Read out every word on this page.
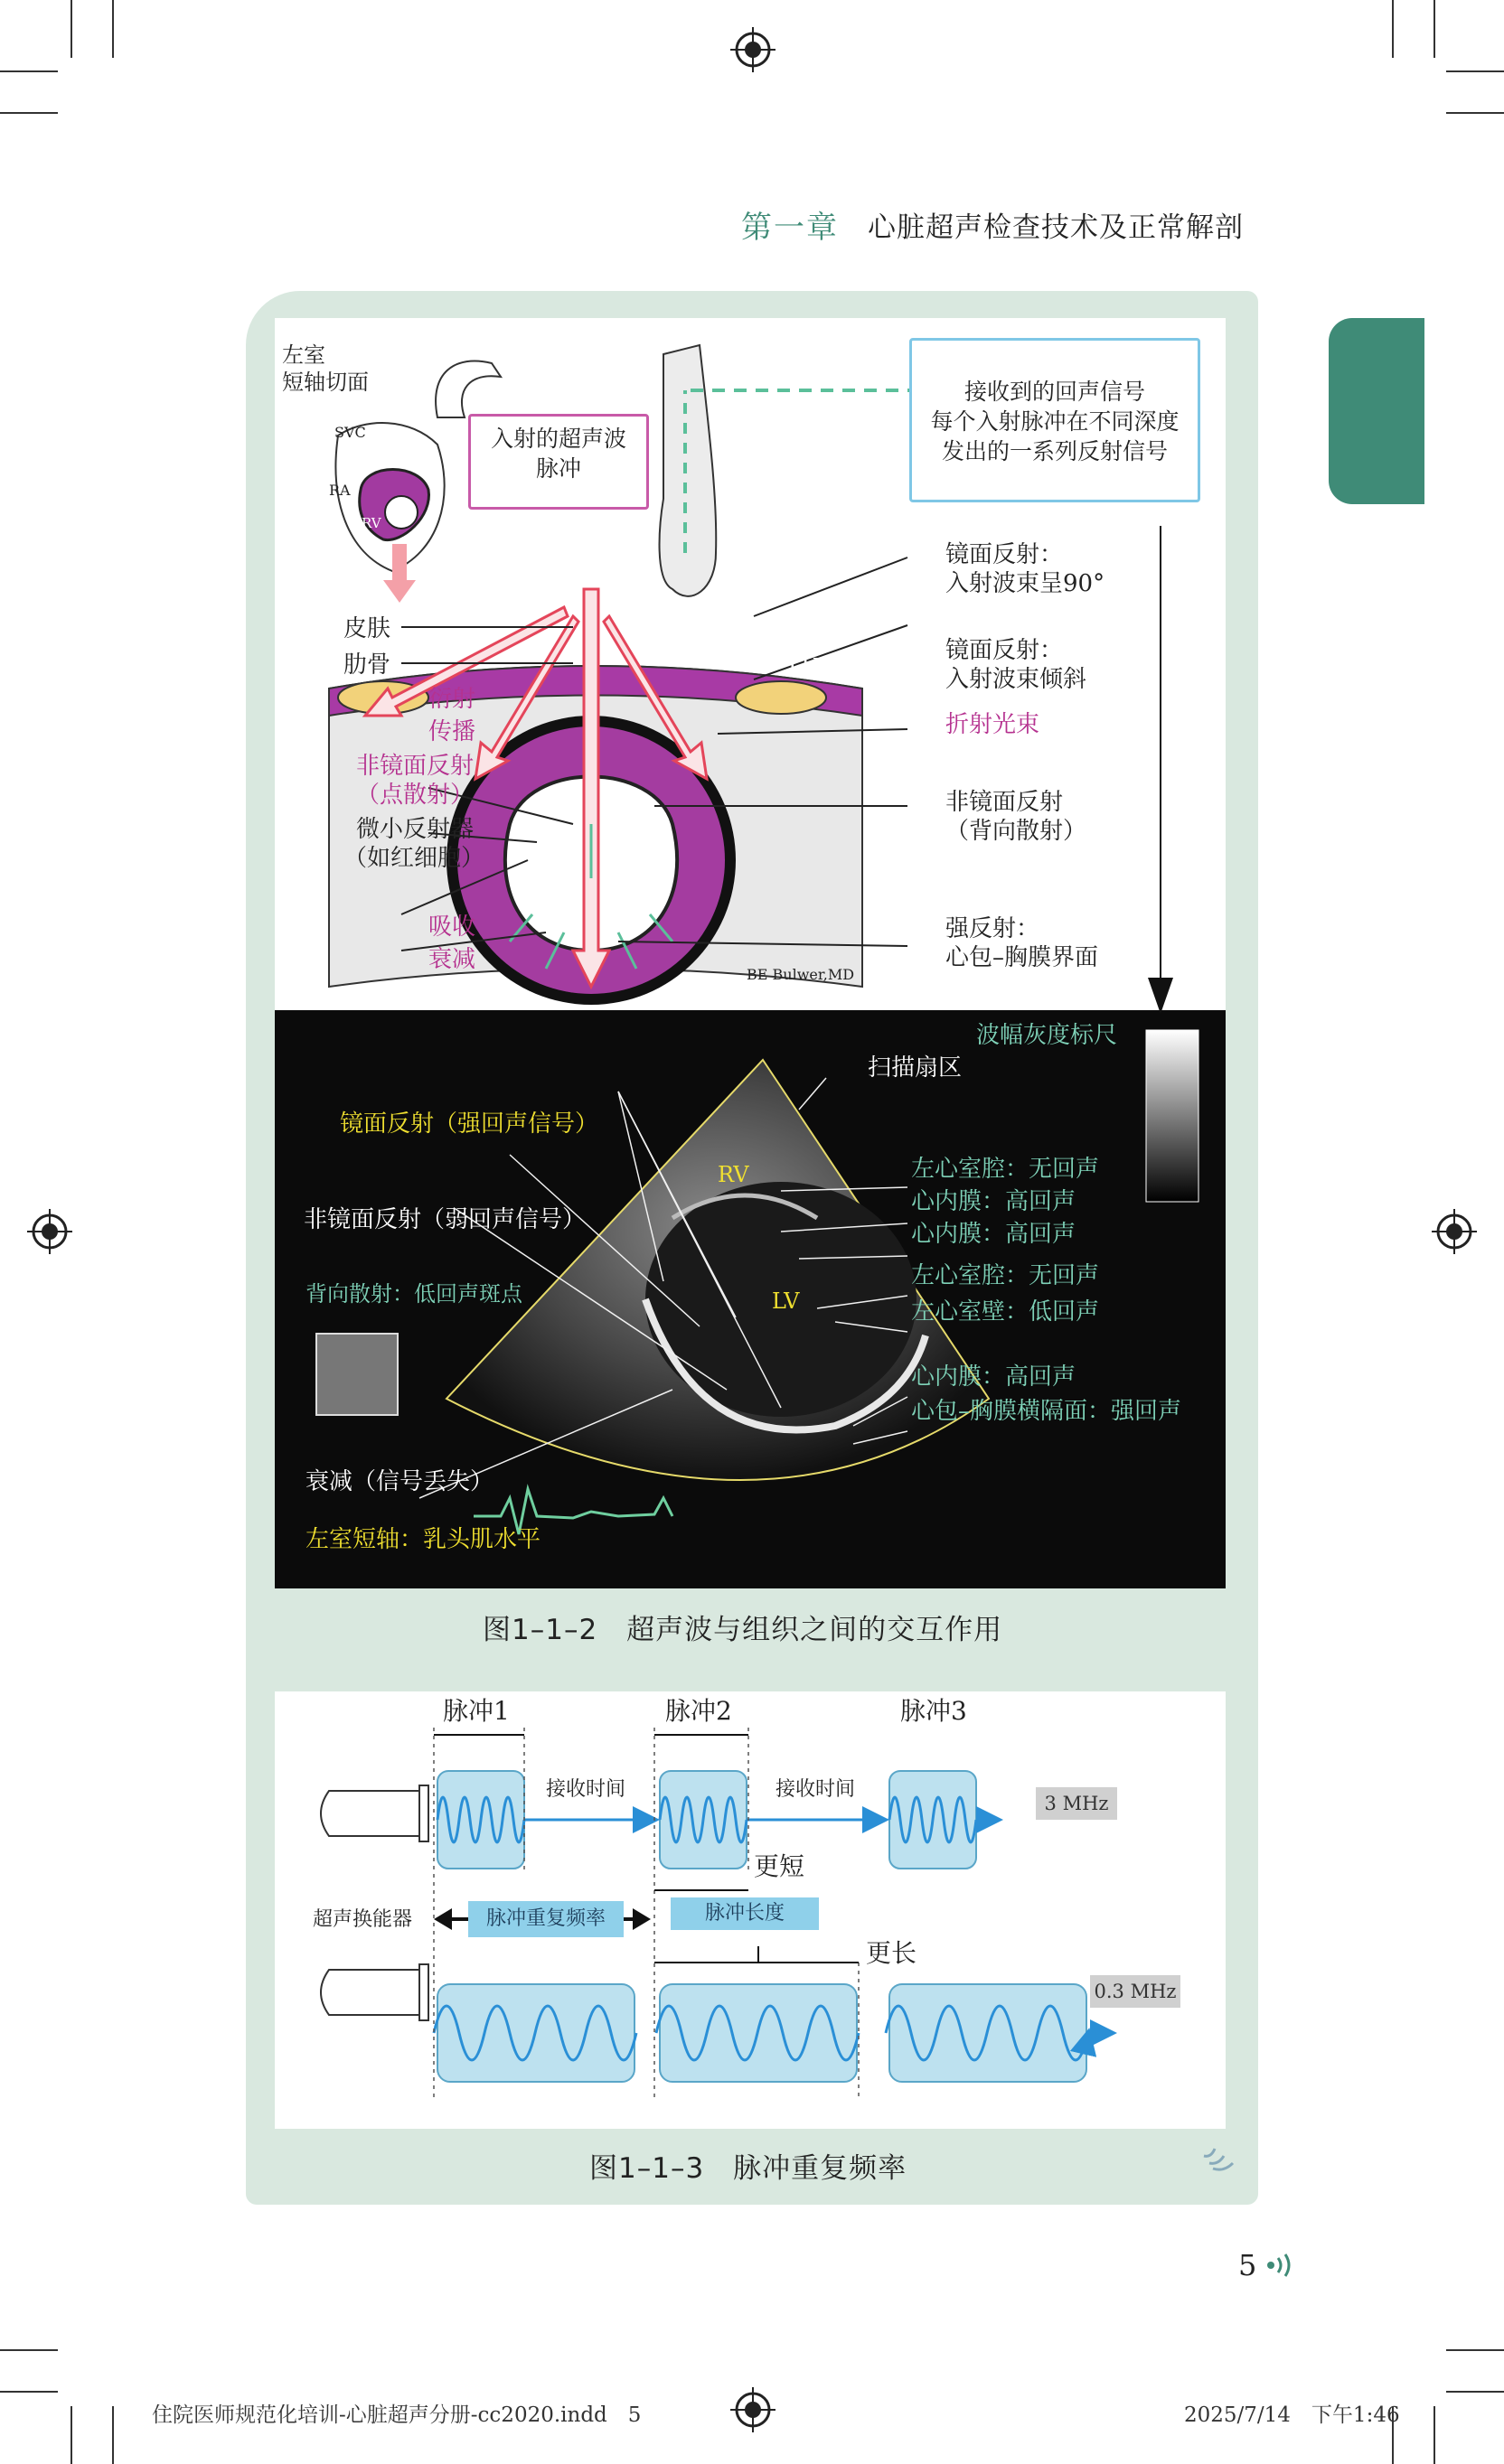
第一章 心脏超声检查技术及正常解剖
左室
短轴切面
SVC
RA
RV LV
入射的超声波
脉冲
接收到的回声信号
每个入射脉冲在不同深度
发出的一系列反射信号
皮肤
肋骨
衍射
传播
非镜面反射
（点散射）
微小反射器
（如红细胞）
吸收
衰减
镜面反射：
入射波束呈90°
镜面反射：
入射波束倾斜
折射光束
非镜面反射
（背向散射）
强反射：
心包–胸膜界面
LUNG
BE Bulwer,MD
波幅灰度标尺
扫描扇区
镜面反射（强回声信号）
非镜面反射（弱回声信号）
背向散射：低回声斑点
衰减（信号丢失）
左室短轴：乳头肌水平
RV
LV
左心室腔：无回声
心内膜：高回声
心内膜：高回声
左心室腔：无回声
左心室壁：低回声
心内膜：高回声
心包–胸膜横隔面：强回声
图1–1–2　超声波与组织之间的交互作用
脉冲1	脉冲2	脉冲3
接收时间	接收时间
更短
更长
超声换能器	脉冲重复频率	脉冲长度
3 MHz
0.3 MHz
图1–1–3　脉冲重复频率
5
住院医师规范化培训-心脏超声分册-cc2020.indd　5	2025/7/14　下午1:46
